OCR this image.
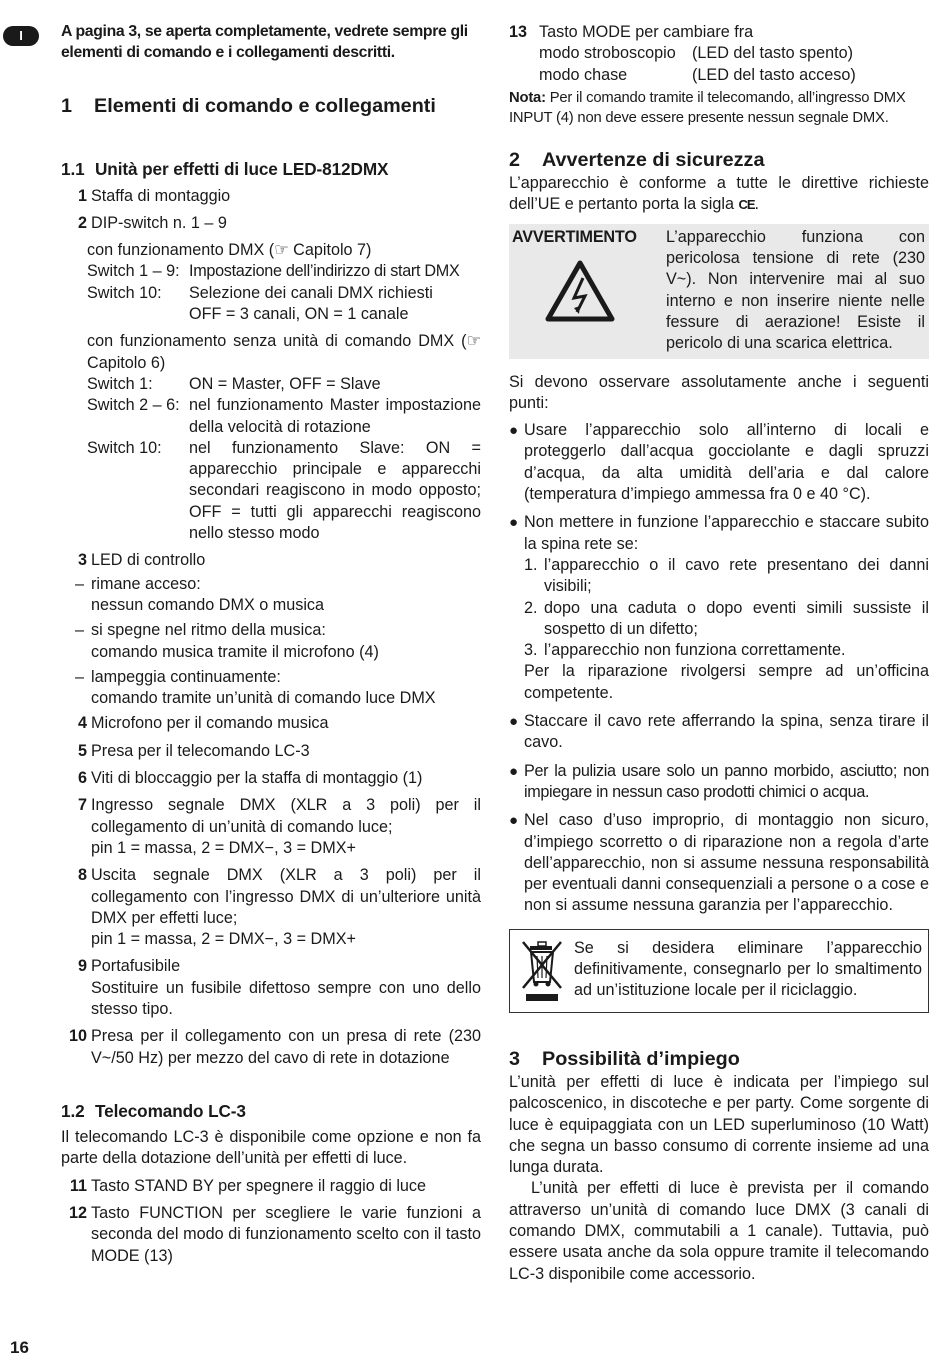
I	A pagina 3, se aperta completamente, vedrete sempre gli elementi di comando e i collegamenti descritti.
1	Elementi di comando e collegamenti
1.1 Unità per effetti di luce LED-812DMX
1 Staffa di montaggio
2 DIP-switch n. 1 – 9
con funzionamento DMX (☞ Capitolo 7)
Switch 1 – 9: Impostazione dell’indirizzo di start DMX
Switch 10:	Selezione dei canali DMX richiesti OFF = 3 canali, ON = 1 canale
con funzionamento senza unità di comando DMX (☞ Capitolo 6)
Switch 1:	ON = Master, OFF = Slave
Switch 2 – 6: nel funzionamento Master impostazione della velocità di rotazione
Switch 10:	nel funzionamento Slave: ON = apparecchio principale e apparecchi secondari reagiscono in modo opposto; OFF = tutti gli apparecchi reagiscono nello stesso modo
3 LED di controllo
– rimane acceso:
nessun comando DMX o musica
– si spegne nel ritmo della musica:
comando musica tramite il microfono (4)
– lampeggia continuamente:
comando tramite un’unità di comando luce DMX
4 Microfono per il comando musica
5 Presa per il telecomando LC-3
6 Viti di bloccaggio per la staffa di montaggio (1)
7 Ingresso segnale DMX (XLR a 3 poli) per il collegamento di un’unità di comando luce;
pin 1 = massa, 2 = DMX−, 3 = DMX+
8 Uscita segnale DMX (XLR a 3 poli) per il collegamento con l’ingresso DMX di un’ulteriore unità DMX per effetti luce;
pin 1 = massa, 2 = DMX−, 3 = DMX+
9 Portafusibile
Sostituire un fusibile difettoso sempre con uno dello stesso tipo.
10 Presa per il collegamento con un presa di rete (230 V~/50 Hz) per mezzo del cavo di rete in dotazione
1.2 Telecomando LC-3
Il telecomando LC-3 è disponibile come opzione e non fa parte della dotazione dell’unità per effetti di luce.
11 Tasto STAND BY per spegnere il raggio di luce
12 Tasto FUNCTION per scegliere le varie funzioni a seconda del modo di funzionamento scelto con il tasto MODE (13)
13 Tasto MODE per cambiare fra
modo stroboscopio	(LED del tasto spento)
modo chase	(LED del tasto acceso)
Nota: Per il comando tramite il telecomando, all’ingresso DMX INPUT (4) non deve essere presente nessun segnale DMX.
2	Avvertenze di sicurezza
L’apparecchio è conforme a tutte le direttive richieste dell’UE e pertanto porta la sigla CE.
AVVERTIMENTO	L’apparecchio funziona con pericolosa tensione di rete (230 V~). Non intervenire mai al suo interno e non inserire niente nelle fessure di aerazione! Esiste il pericolo di una scarica elettrica.
Si devono osservare assolutamente anche i seguenti punti:
● Usare l’apparecchio solo all’interno di locali e proteggerlo dall’acqua gocciolante e dagli spruzzi d’acqua, da alta umidità dell’aria e dal calore (temperatura d’impiego ammessa fra 0 e 40 °C).
● Non mettere in funzione l’apparecchio e staccare subito la spina rete se:
1. l’apparecchio o il cavo rete presentano dei danni visibili;
2. dopo una caduta o dopo eventi simili sussiste il sospetto di un difetto;
3. l’apparecchio non funziona correttamente.
Per la riparazione rivolgersi sempre ad un’officina competente.
● Staccare il cavo rete afferrando la spina, senza tirare il cavo.
● Per la pulizia usare solo un panno morbido, asciutto; non impiegare in nessun caso prodotti chimici o acqua.
● Nel caso d’uso improprio, di montaggio non sicuro, d’impiego scorretto o di riparazione non a regola d’arte dell’apparecchio, non si assume nessuna responsabilità per eventuali danni consequenziali a persone o a cose e non si assume nessuna garanzia per l’apparecchio.
Se si desidera eliminare l’apparecchio definitivamente, consegnarlo per lo smaltimento ad un’istituzione locale per il riciclaggio.
3	Possibilità d’impiego
L’unità per effetti di luce è indicata per l’impiego sul palcoscenico, in discoteche e per party. Come sorgente di luce è equipaggiata con un LED superluminoso (10 Watt) che segna un basso consumo di corrente insieme ad una lunga durata.
L’unità per effetti di luce è prevista per il comando attraverso un’unità di comando luce DMX (3 canali di comando DMX, commutabili a 1 canale). Tuttavia, può essere usata anche da sola oppure tramite il telecomando LC-3 disponibile come accessorio.
16
